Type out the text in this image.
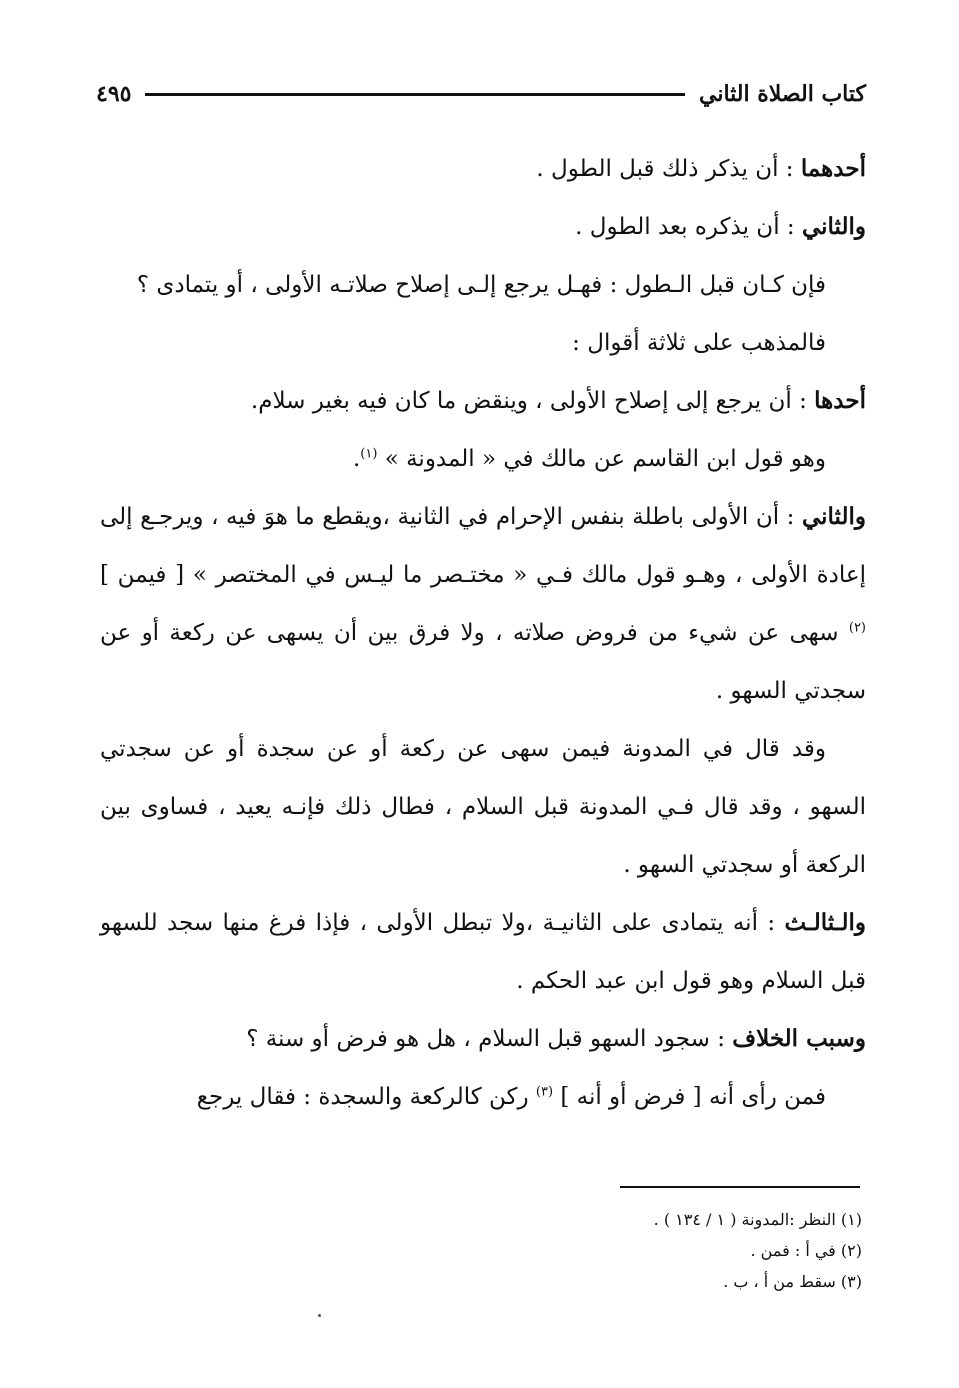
كتاب الصلاة الثاني
٤٩٥

أحدهما : أن يذكر ذلك قبل الطول .

والثاني : أن يذكره بعد الطول .

فإن كـان قبل الـطول : فهـل يرجع إلـى إصلاح صلاتـه الأولى ، أو يتمادى ؟

فالمذهب على ثلاثة أقوال :

أحدها : أن يرجع إلى إصلاح الأولى ، وينقض ما كان فيه بغير سلام.

وهو قول ابن القاسم عن مالك في « المدونة » $^{(١)}$.

والثاني : أن الأولى باطلة بنفس الإحرام في الثانية ،ويقطع ما هوَ فيه ، ويرجـع إلى إعادة الأولى ، وهـو قول مالك فـي « مختـصر ما ليـس في المختصر » [ فيمن ] $^{(٢)}$ سهى عن شيء من فروض صلاته ، ولا فرق بين أن يسهى عن ركعة أو عن سجدتي السهو .

وقد قال في المدونة فيمن سهى عن ركعة أو عن سجدة أو عن سجدتي السهو ، وقد قال فـي المدونة قبل السلام ، فطال ذلك فإنـه يعيد ، فساوى بين الركعة أو سجدتي السهو .

والـثالـث : أنه يتمادى على الثانيـة ،ولا تبطل الأولى ، فإذا فرغ منها سجد للسهو قبل السلام وهو قول ابن عبد الحكم .

وسبب الخلاف : سجود السهو قبل السلام ، هل هو فرض أو سنة ؟

فمن رأى أنه [ فرض أو أنه ] $^{(٣)}$ ركن كالركعة والسجدة : فقال يرجع

(١) النظر :المدونة ( ١ / ١٣٤ ) .

(٢) في أ : فمن .

(٣) سقط من أ ، ب .
